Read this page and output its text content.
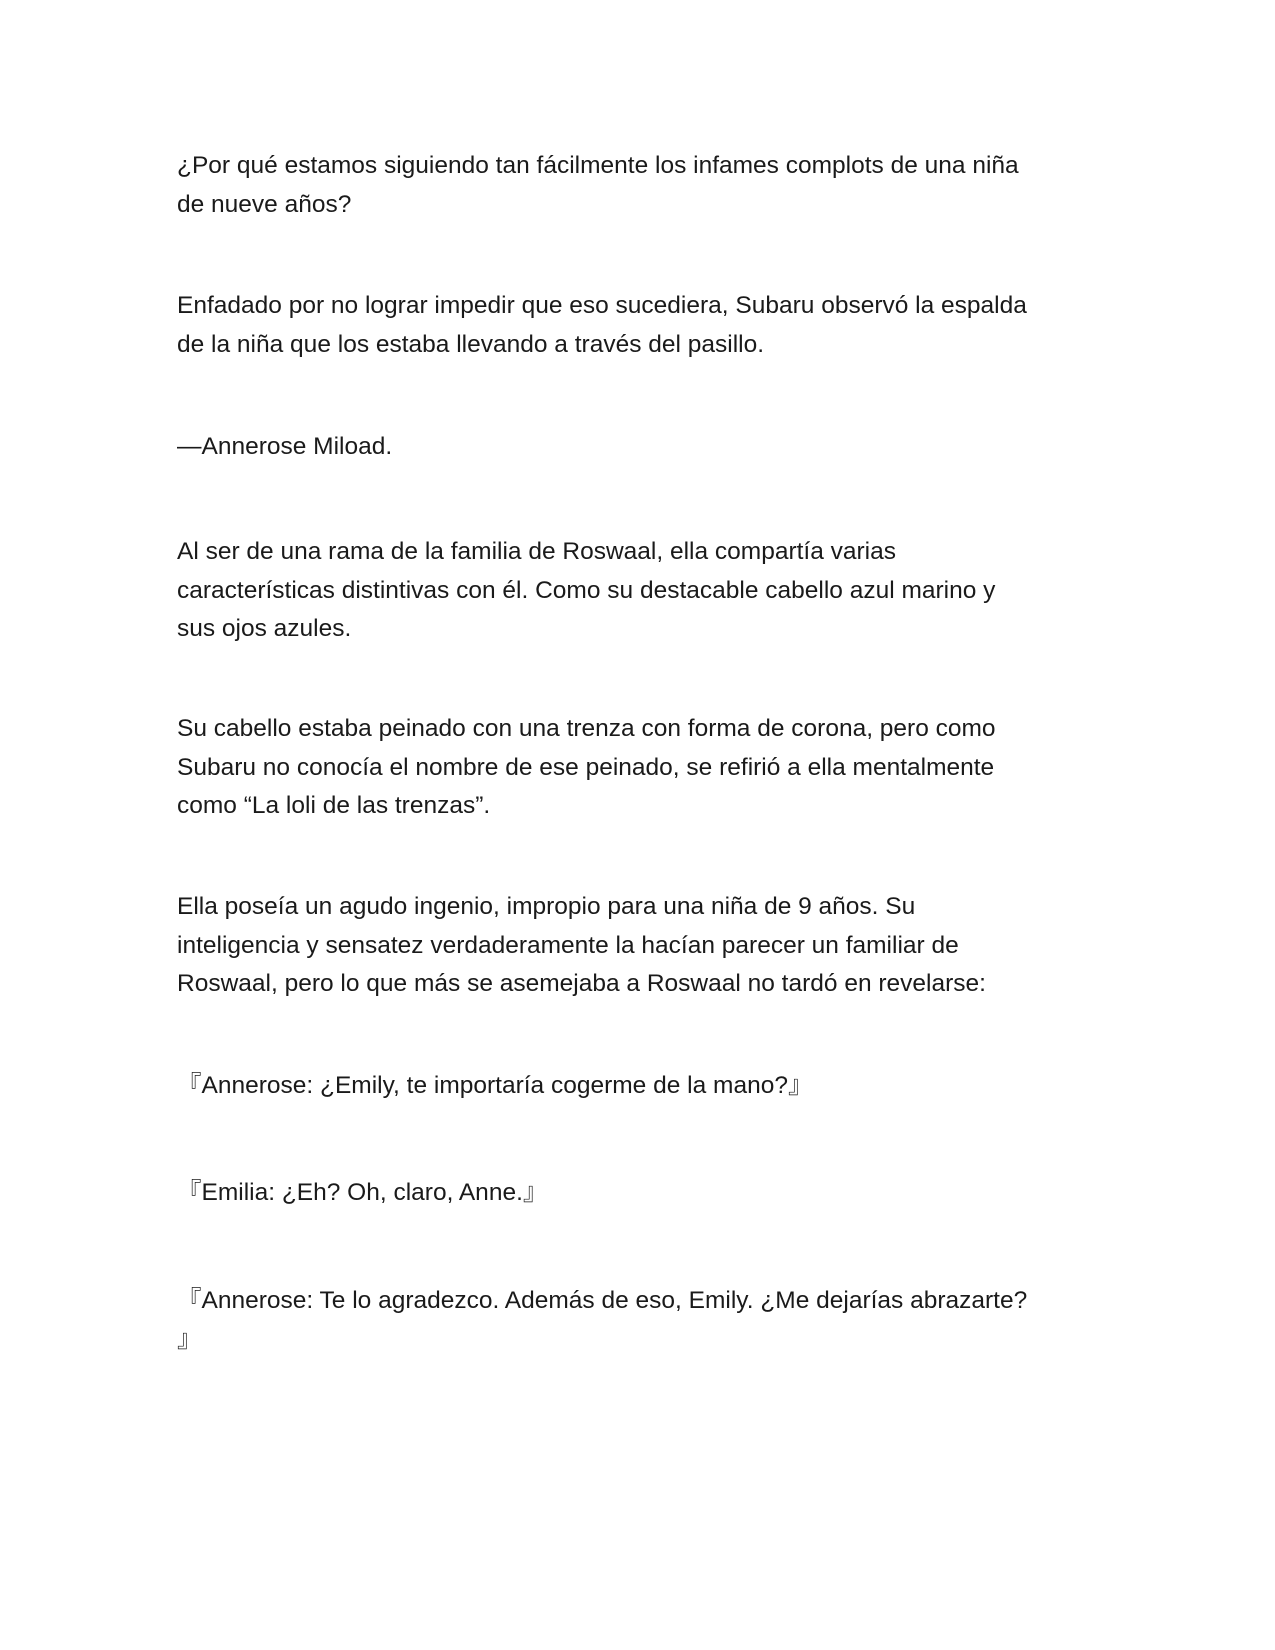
¿Por qué estamos siguiendo tan fácilmente los infames complots de una niña
de nueve años?

Enfadado por no lograr impedir que eso sucediera, Subaru observó la espalda
de la niña que los estaba llevando a través del pasillo.

—Annerose Miload.

Al ser de una rama de la familia de Roswaal, ella compartía varias
características distintivas con él. Como su destacable cabello azul marino y
sus ojos azules.

Su cabello estaba peinado con una trenza con forma de corona, pero como
Subaru no conocía el nombre de ese peinado, se refirió a ella mentalmente
como “La loli de las trenzas”.

Ella poseía un agudo ingenio, impropio para una niña de 9 años. Su
inteligencia y sensatez verdaderamente la hacían parecer un familiar de
Roswaal, pero lo que más se asemejaba a Roswaal no tardó en revelarse:

『Annerose: ¿Emily, te importaría cogerme de la mano?』

『Emilia: ¿Eh? Oh, claro, Anne.』

『Annerose: Te lo agradezco. Además de eso, Emily. ¿Me dejarías abrazarte?
』
